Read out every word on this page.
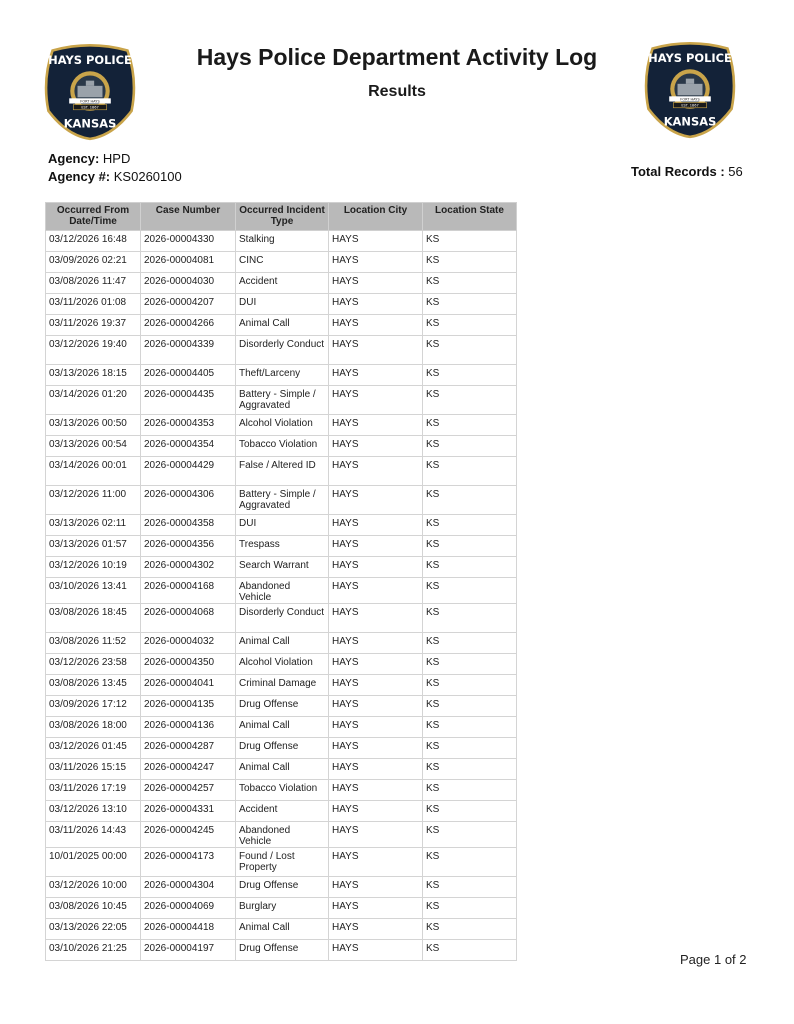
HAYS POLICE
FORT HAYS
EST. 1867
KANSAS
HAYS POLICE
FORT HAYS
EST. 1867
KANSAS
Hays Police Department Activity Log
Results
Agency: HPD
Agency #: KS0260100	Total Records : 56
Occurred From Date/Time	Case Number	Occurred Incident Type	Location City	Location State
03/12/2026 16:48	2026-00004330	Stalking	HAYS	KS
03/09/2026 02:21	2026-00004081	CINC	HAYS	KS
03/08/2026 11:47	2026-00004030	Accident	HAYS	KS
03/11/2026 01:08	2026-00004207	DUI	HAYS	KS
03/11/2026 19:37	2026-00004266	Animal Call	HAYS	KS
03/12/2026 19:40	2026-00004339	Disorderly Conduct	HAYS	KS
03/13/2026 18:15	2026-00004405	Theft/Larceny	HAYS	KS
03/14/2026 01:20	2026-00004435	Battery - Simple / Aggravated	HAYS	KS
03/13/2026 00:50	2026-00004353	Alcohol Violation	HAYS	KS
03/13/2026 00:54	2026-00004354	Tobacco Violation	HAYS	KS
03/14/2026 00:01	2026-00004429	False / Altered ID	HAYS	KS
03/12/2026 11:00	2026-00004306	Battery - Simple / Aggravated	HAYS	KS
03/13/2026 02:11	2026-00004358	DUI	HAYS	KS
03/13/2026 01:57	2026-00004356	Trespass	HAYS	KS
03/12/2026 10:19	2026-00004302	Search Warrant	HAYS	KS
03/10/2026 13:41	2026-00004168	Abandoned Vehicle	HAYS	KS
03/08/2026 18:45	2026-00004068	Disorderly Conduct	HAYS	KS
03/08/2026 11:52	2026-00004032	Animal Call	HAYS	KS
03/12/2026 23:58	2026-00004350	Alcohol Violation	HAYS	KS
03/08/2026 13:45	2026-00004041	Criminal Damage	HAYS	KS
03/09/2026 17:12	2026-00004135	Drug Offense	HAYS	KS
03/08/2026 18:00	2026-00004136	Animal Call	HAYS	KS
03/12/2026 01:45	2026-00004287	Drug Offense	HAYS	KS
03/11/2026 15:15	2026-00004247	Animal Call	HAYS	KS
03/11/2026 17:19	2026-00004257	Tobacco Violation	HAYS	KS
03/12/2026 13:10	2026-00004331	Accident	HAYS	KS
03/11/2026 14:43	2026-00004245	Abandoned Vehicle	HAYS	KS
10/01/2025 00:00	2026-00004173	Found / Lost Property	HAYS	KS
03/12/2026 10:00	2026-00004304	Drug Offense	HAYS	KS
03/08/2026 10:45	2026-00004069	Burglary	HAYS	KS
03/13/2026 22:05	2026-00004418	Animal Call	HAYS	KS
03/10/2026 21:25	2026-00004197	Drug Offense	HAYS	KS
Page 1 of 2
